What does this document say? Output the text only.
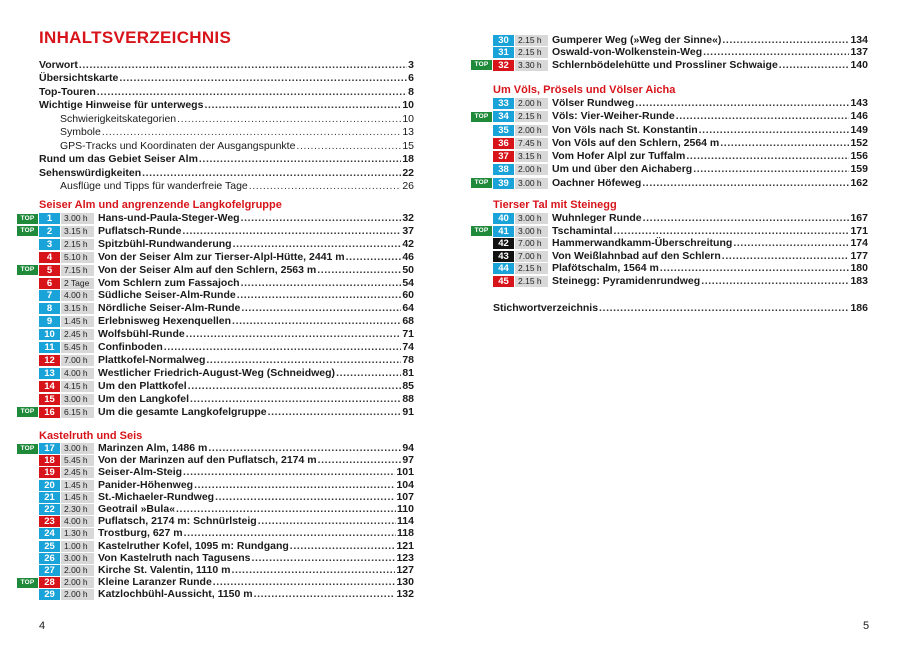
INHALTSVERZEICHNIS
Vorwort .....	3
Übersichtskarte .....	6
Top-Touren .....	8
Wichtige Hinweise für unterwegs .....	10
Schwierigkeitskategorien .....	10
Symbole .....	13
GPS-Tracks und Koordinaten der Ausgangspunkte .....	15
Rund um das Gebiet Seiser Alm .....	18
Sehenswürdigkeiten .....	22
Ausflüge und Tipps für wanderfreie Tage .....	26
Seiser Alm und angrenzende Langkofelgruppe
TOP	1	3.00 h Hans-und-Paula-Steger-Weg .....	32
TOP	2	3.15 h Puflatsch-Runde .....	37
3	2.15 h Spitzbühl-Rundwanderung .....	42
4	5.10 h Von der Seiser Alm zur Tierser-Alpl-Hütte, 2441 m .....	46
TOP	5	7.15 h Von der Seiser Alm auf den Schlern, 2563 m .....	50
6	2 Tage Vom Schlern zum Fassajoch .....	54
7	4.00 h Südliche Seiser-Alm-Runde .....	60
8	3.15 h Nördliche Seiser-Alm-Runde .....	64
9	1.45 h Erlebnisweg Hexenquellen .....	68
10	2.45 h Wolfsbühl-Runde .....	71
11	5.45 h Confinboden .....	74
12	7.00 h Plattkofel-Normalweg .....	78
13	4.00 h Westlicher Friedrich-August-Weg (Schneidweg) .....	81
14	4.15 h Um den Plattkofel .....	85
15	3.00 h Um den Langkofel .....	88
TOP	16	6.15 h Um die gesamte Langkofelgruppe .....	91
Kastelruth und Seis
TOP	17	3.00 h Marinzen Alm, 1486 m .....	94
18	5.45 h Von der Marinzen auf den Puflatsch, 2174 m .....	97
19	2.45 h Seiser-Alm-Steig .....	101
20	1.45 h Panider-Höhenweg .....	104
21	1.45 h St.-Michaeler-Rundweg .....	107
22	2.30 h Geotrail »Bula« .....	110
23	4.00 h Puflatsch, 2174 m: Schnürlsteig .....	114
24	1.30 h Trostburg, 627 m .....	118
25	1.00 h Kastelruther Kofel, 1095 m: Rundgang .....	121
26	3.00 h Von Kastelruth nach Tagusens .....	123
27	2.00 h Kirche St. Valentin, 1110 m .....	127
TOP	28	2.00 h Kleine Laranzer Runde .....	130
29	2.00 h Katzlochbühl-Aussicht, 1150 m .....	132
4
30	2.15 h Gumperer Weg (»Weg der Sinne«) .....	134
31	2.15 h Oswald-von-Wolkenstein-Weg .....	137
TOP	32	3.30 h Schlernbödelehütte und Prossliner Schwaige .....	140
Um Völs, Prösels und Völser Aicha
33	2.00 h Völser Rundweg .....	143
TOP	34	2.15 h Völs: Vier-Weiher-Runde .....	146
35	2.00 h Von Völs nach St. Konstantin .....	149
36	7.45 h Von Völs auf den Schlern, 2564 m .....	152
37	3.15 h Vom Hofer Alpl zur Tuffalm .....	156
38	2.00 h Um und über den Aichaberg .....	159
TOP	39	3.00 h Oachner Höfeweg .....	162
Tierser Tal mit Steinegg
40	3.00 h Wuhnleger Runde .....	167
TOP	41	3.00 h Tschamintal .....	171
42	7.00 h Hammerwandkamm-Überschreitung .....	174
43	7.00 h Von Weißlahnbad auf den Schlern .....	177
44	2.15 h Plafötschalm, 1564 m .....	180
45	2.15 h Steinegg: Pyramidenrundweg .....	183
Stichwortverzeichnis .....	186
5
